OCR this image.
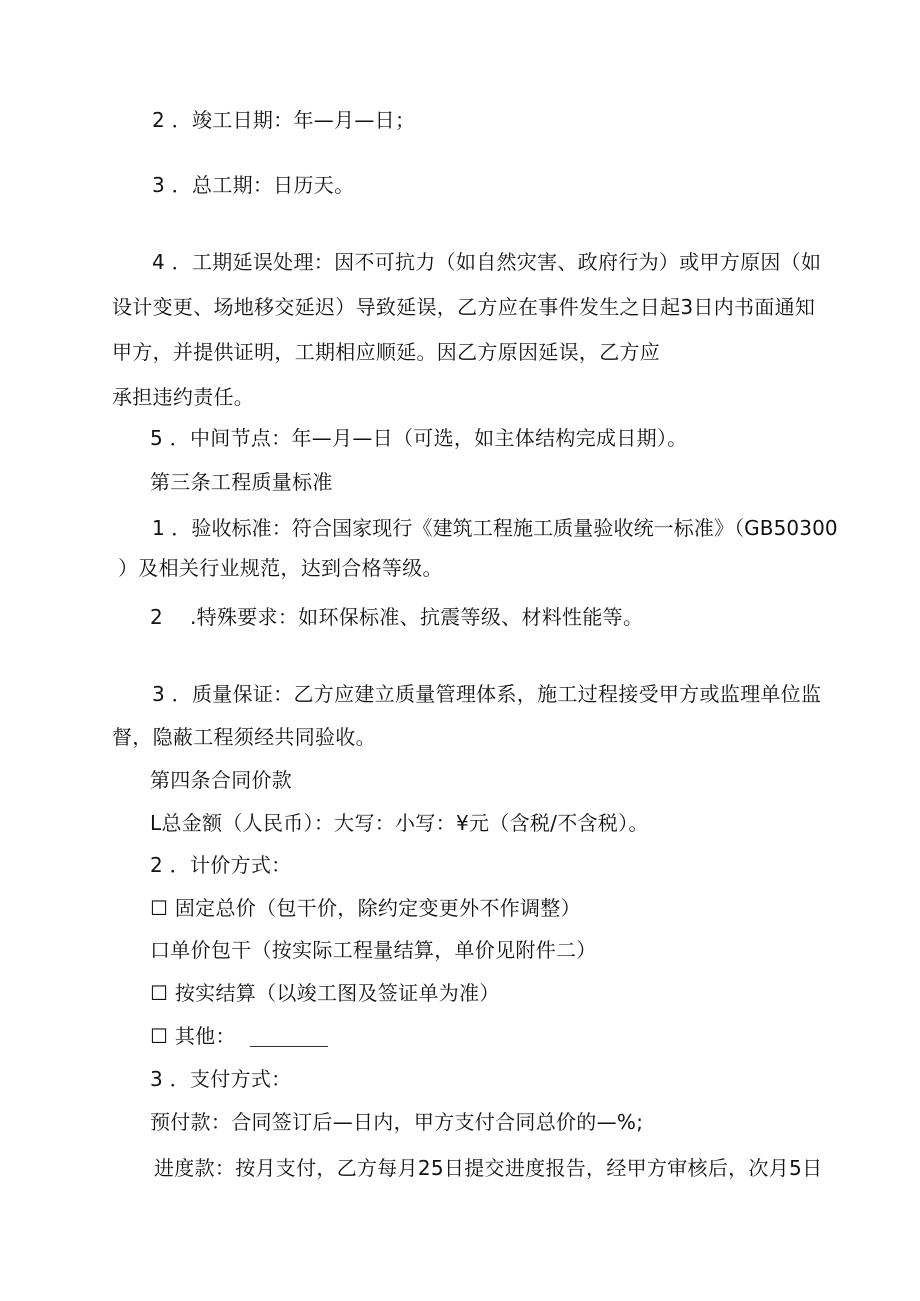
2 ．竣工日期：年—月—日；
3 ．总工期：日历天。
4 ．工期延误处理：因不可抗力（如自然灾害、政府行为）或甲方原因（如
设计变更、场地移交延迟）导致延误，乙方应在事件发生之日起3日内书面通知
甲方，并提供证明，工期相应顺延。因乙方原因延误，乙方应
承担违约责任。
5 ．中间节点：年—月—日（可选，如主体结构完成日期）。
第三条工程质量标准
1 ．验收标准：符合国家现行《建筑工程施工质量验收统一标准》（GB50300
）及相关行业规范，达到合格等级。
2　 .特殊要求：如环保标准、抗震等级、材料性能等。
3 ．质量保证：乙方应建立质量管理体系，施工过程接受甲方或监理单位监
督，隐蔽工程须经共同验收。
第四条合同价款
L总金额（人民币）：大写：小写：¥元（含税/不含税）。
2 ．计价方式：
☐ 固定总价（包干价，除约定变更外不作调整）
口单价包干（按实际工程量结算，单价见附件二）
☐ 按实结算（以竣工图及签证单为准）
☐ 其他：
3 ．支付方式：
预付款：合同签订后—日内，甲方支付合同总价的—%;
进度款：按月支付，乙方每月25日提交进度报告，经甲方审核后，次月5日
